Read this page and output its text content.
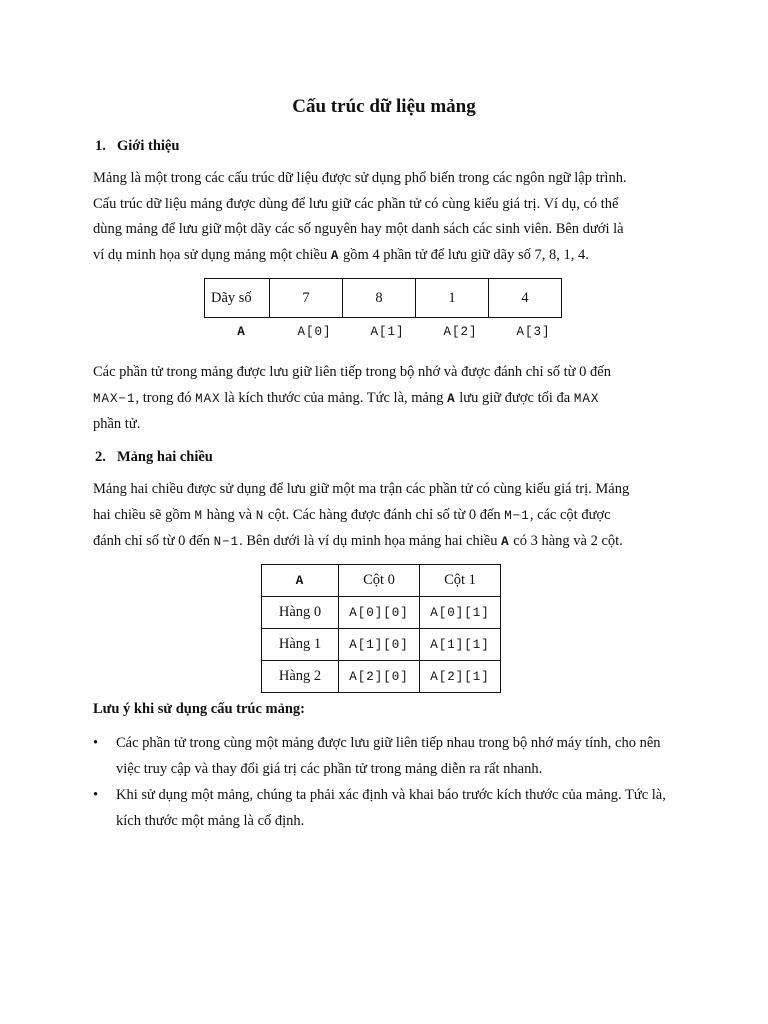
Cấu trúc dữ liệu mảng

1. Giới thiệu

Mảng là một trong các cấu trúc dữ liệu được sử dụng phổ biến trong các ngôn ngữ lập trình.
Cấu trúc dữ liệu mảng được dùng để lưu giữ các phần tử có cùng kiểu giá trị. Ví dụ, có thể
dùng mảng để lưu giữ một dãy các số nguyên hay một danh sách các sinh viên. Bên dưới là
ví dụ minh họa sử dụng mảng một chiều A gồm 4 phần tử để lưu giữ dãy số 7, 8, 1, 4.
Dãy số	7	8	1	4
A	A[0]	A[1]	A[2]	A[3]
Các phần tử trong mảng được lưu giữ liên tiếp trong bộ nhớ và được đánh chỉ số từ 0 đến
MAX−1, trong đó MAX là kích thước của mảng. Tức là, mảng A lưu giữ được tối đa MAX
phần tử.

2. Mảng hai chiều

Mảng hai chiều được sử dụng để lưu giữ một ma trận các phần tử có cùng kiểu giá trị. Mảng
hai chiều sẽ gồm M hàng và N cột. Các hàng được đánh chỉ số từ 0 đến M−1, các cột được
đánh chỉ số từ 0 đến N−1. Bên dưới là ví dụ minh họa mảng hai chiều A có 3 hàng và 2 cột.
A	Cột 0	Cột 1
Hàng 0	A[0][0]	A[0][1]
Hàng 1	A[1][0]	A[1][1]
Hàng 2	A[2][0]	A[2][1]

Lưu ý khi sử dụng cấu trúc mảng:

• Các phần tử trong cùng một mảng được lưu giữ liên tiếp nhau trong bộ nhớ máy tính, cho nên việc truy cập và thay đổi giá trị các phần tử trong mảng diễn ra rất nhanh.
• Khi sử dụng một mảng, chúng ta phải xác định và khai báo trước kích thước của mảng. Tức là, kích thước một mảng là cố định.
